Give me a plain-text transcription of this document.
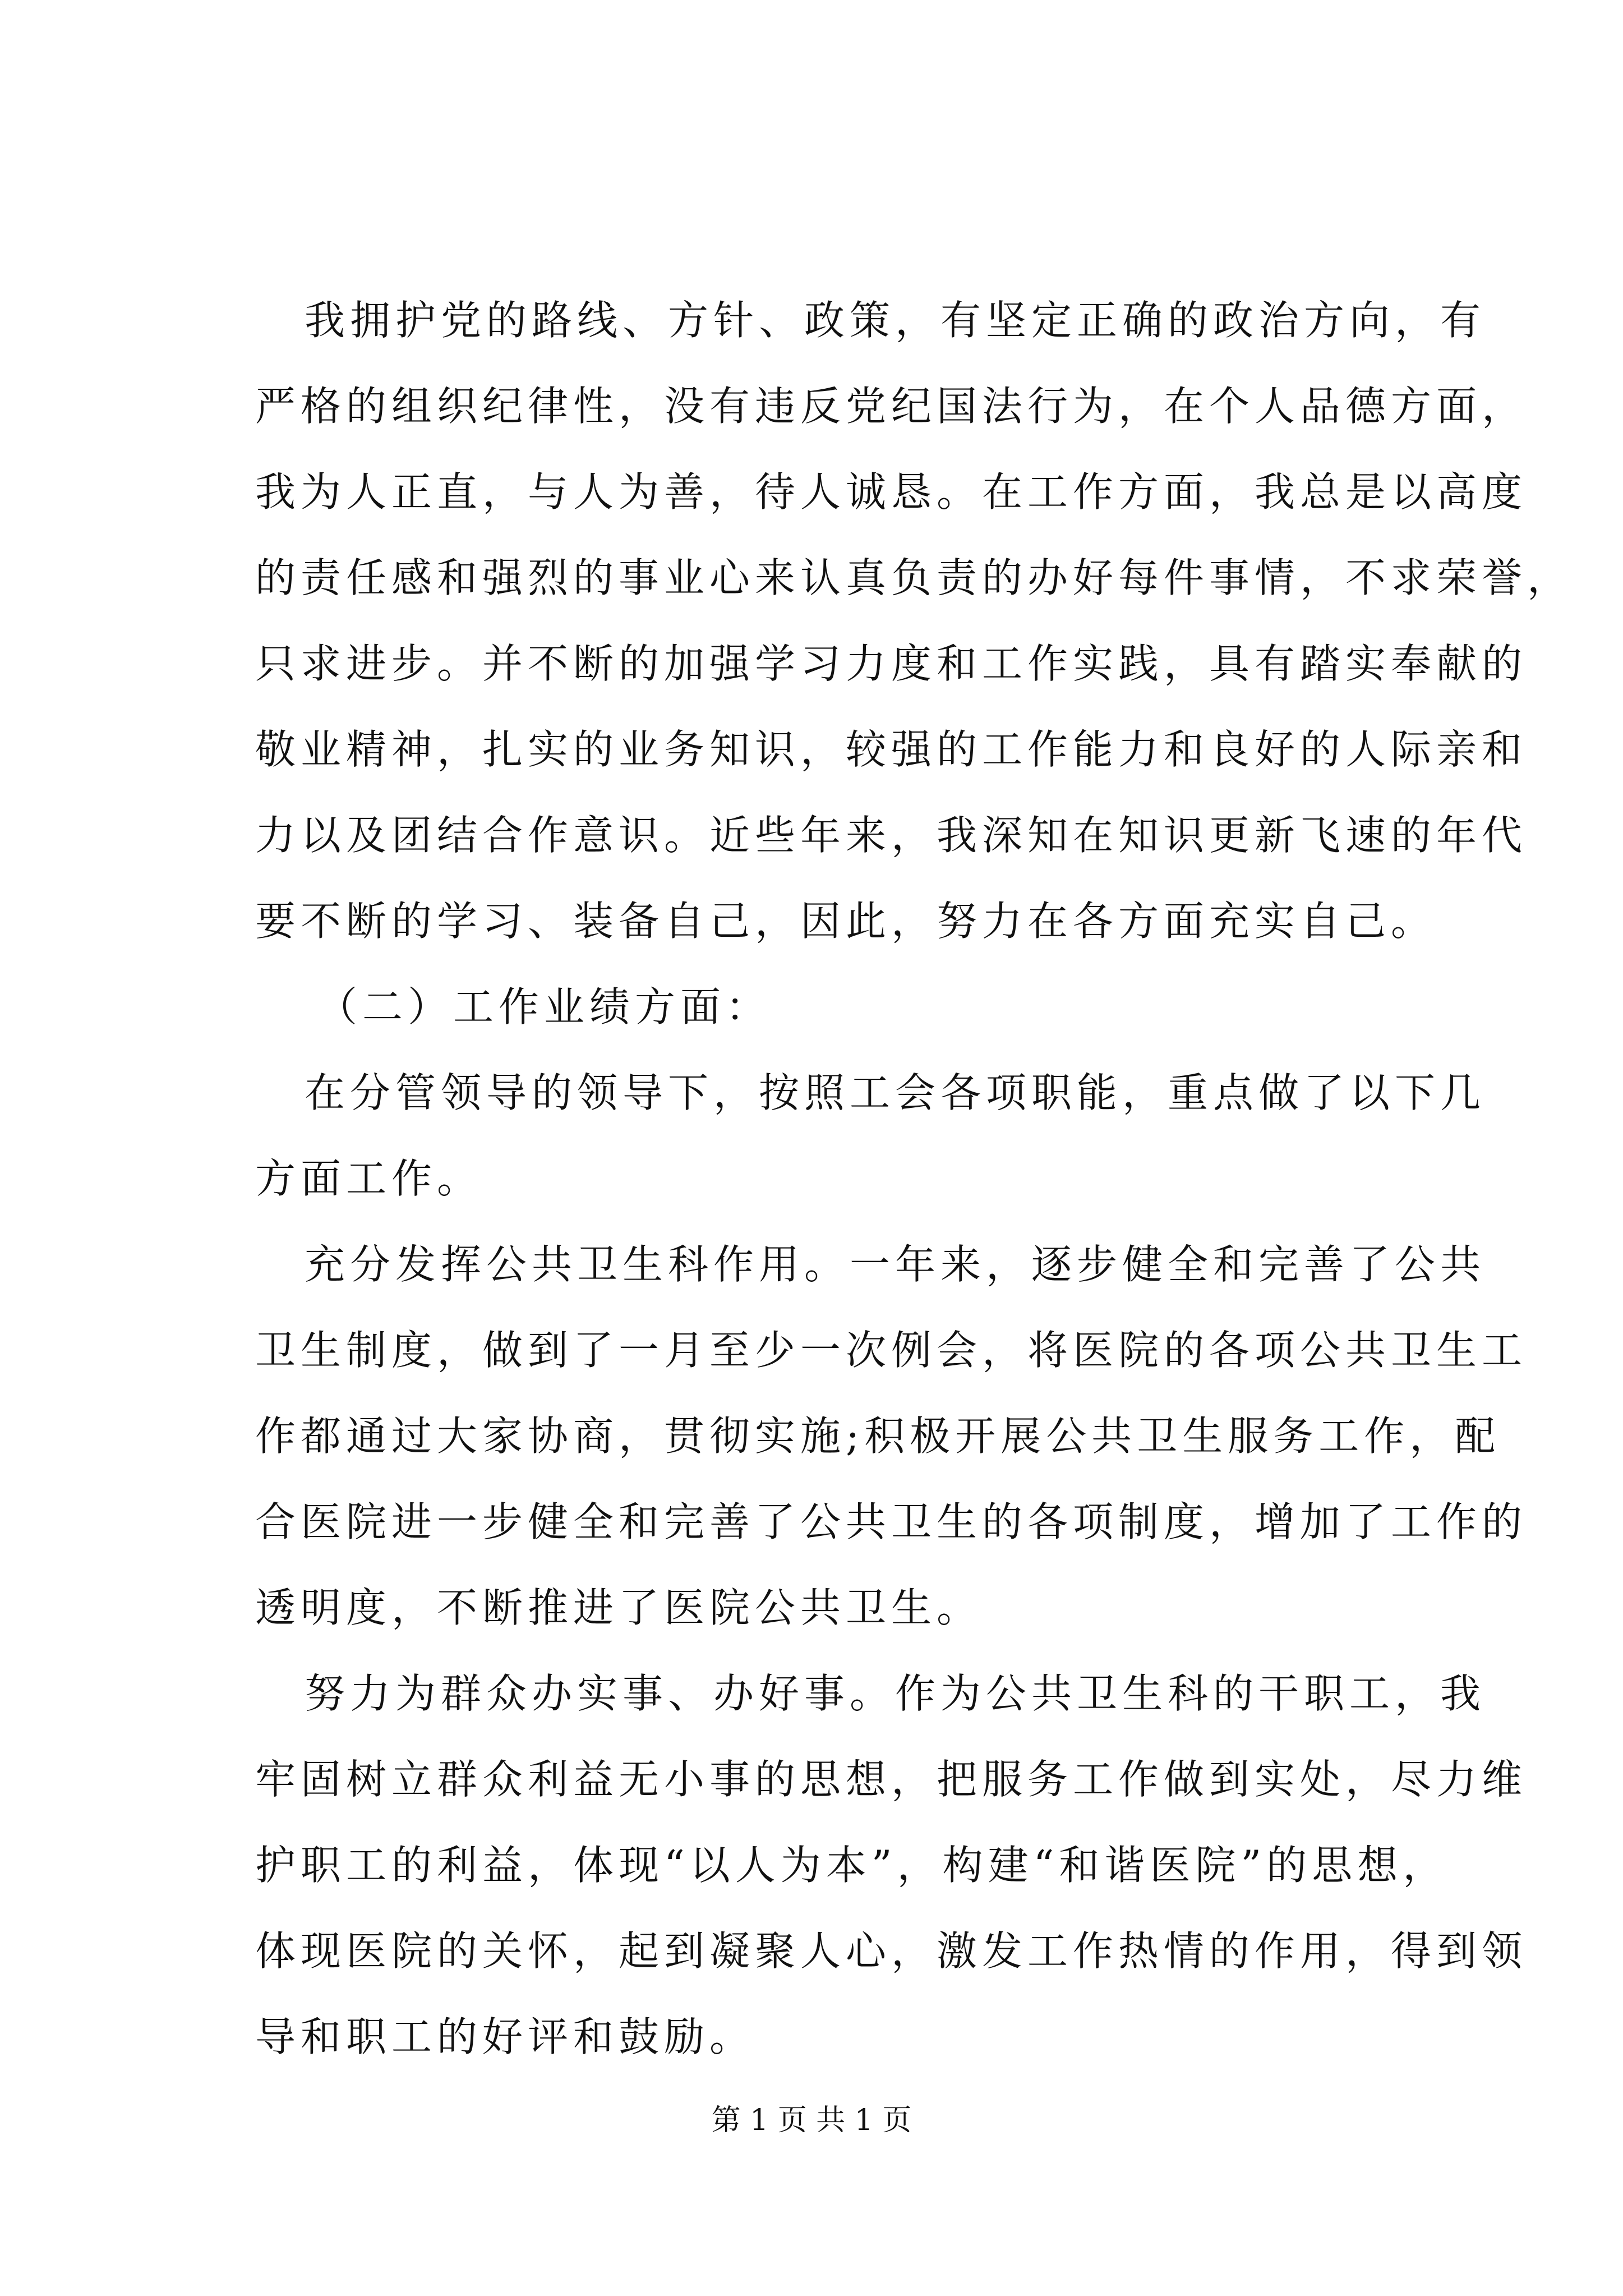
我拥护党的路线、方针、政策，有坚定正确的政治方向，有
严格的组织纪律性，没有违反党纪国法行为，在个人品德方面，
我为人正直，与人为善，待人诚恳。在工作方面，我总是以高度
的责任感和强烈的事业心来认真负责的办好每件事情，不求荣誉，
只求进步。并不断的加强学习力度和工作实践，具有踏实奉献的
敬业精神，扎实的业务知识，较强的工作能力和良好的人际亲和
力以及团结合作意识。近些年来，我深知在知识更新飞速的年代
要不断的学习、装备自己，因此，努力在各方面充实自己。
（二）工作业绩方面：
在分管领导的领导下，按照工会各项职能，重点做了以下几
方面工作。
充分发挥公共卫生科作用。一年来，逐步健全和完善了公共
卫生制度，做到了一月至少一次例会，将医院的各项公共卫生工
作都通过大家协商，贯彻实施;积极开展公共卫生服务工作，配
合医院进一步健全和完善了公共卫生的各项制度，增加了工作的
透明度，不断推进了医院公共卫生。
努力为群众办实事、办好事。作为公共卫生科的干职工，我
牢固树立群众利益无小事的思想，把服务工作做到实处，尽力维
护职工的利益，体现“以人为本”，构建“和谐医院”的思想，
体现医院的关怀，起到凝聚人心，激发工作热情的作用，得到领
导和职工的好评和鼓励。
第 1 页 共 1 页
